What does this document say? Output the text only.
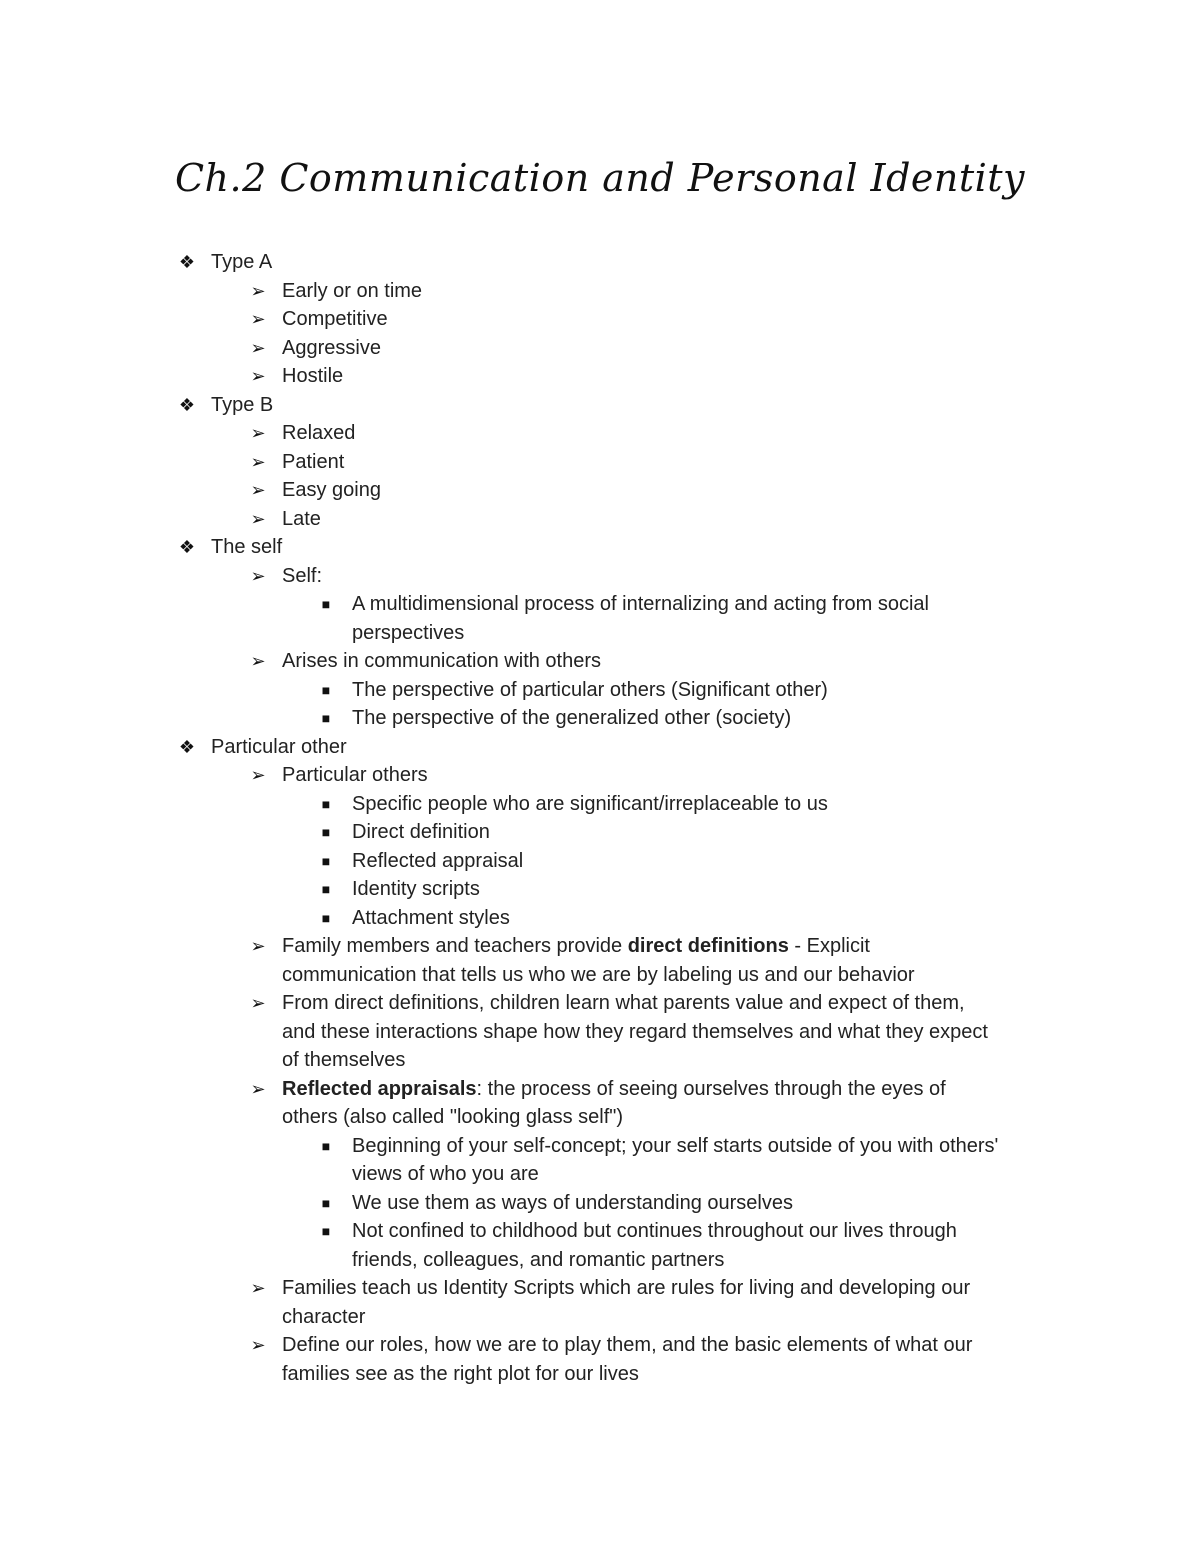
Ch.2 Communication and Personal Identity
❖ Type A
➢ Early or on time
➢ Competitive
➢ Aggressive
➢ Hostile
❖ Type B
➢ Relaxed
➢ Patient
➢ Easy going
➢ Late
❖ The self
➢ Self:
■ A multidimensional process of internalizing and acting from social
perspectives
➢ Arises in communication with others
■ The perspective of particular others (Significant other)
■ The perspective of the generalized other (society)
❖ Particular other
➢ Particular others
■ Specific people who are significant/irreplaceable to us
■ Direct definition
■ Reflected appraisal
■ Identity scripts
■ Attachment styles
➢ Family members and teachers provide direct definitions - Explicit
communication that tells us who we are by labeling us and our behavior
➢ From direct definitions, children learn what parents value and expect of them,
and these interactions shape how they regard themselves and what they expect
of themselves
➢ Reflected appraisals: the process of seeing ourselves through the eyes of
others (also called "looking glass self")
■ Beginning of your self-concept; your self starts outside of you with others'
views of who you are
■ We use them as ways of understanding ourselves
■ Not confined to childhood but continues throughout our lives through
friends, colleagues, and romantic partners
➢ Families teach us Identity Scripts which are rules for living and developing our
character
➢ Define our roles, how we are to play them, and the basic elements of what our
families see as the right plot for our lives
